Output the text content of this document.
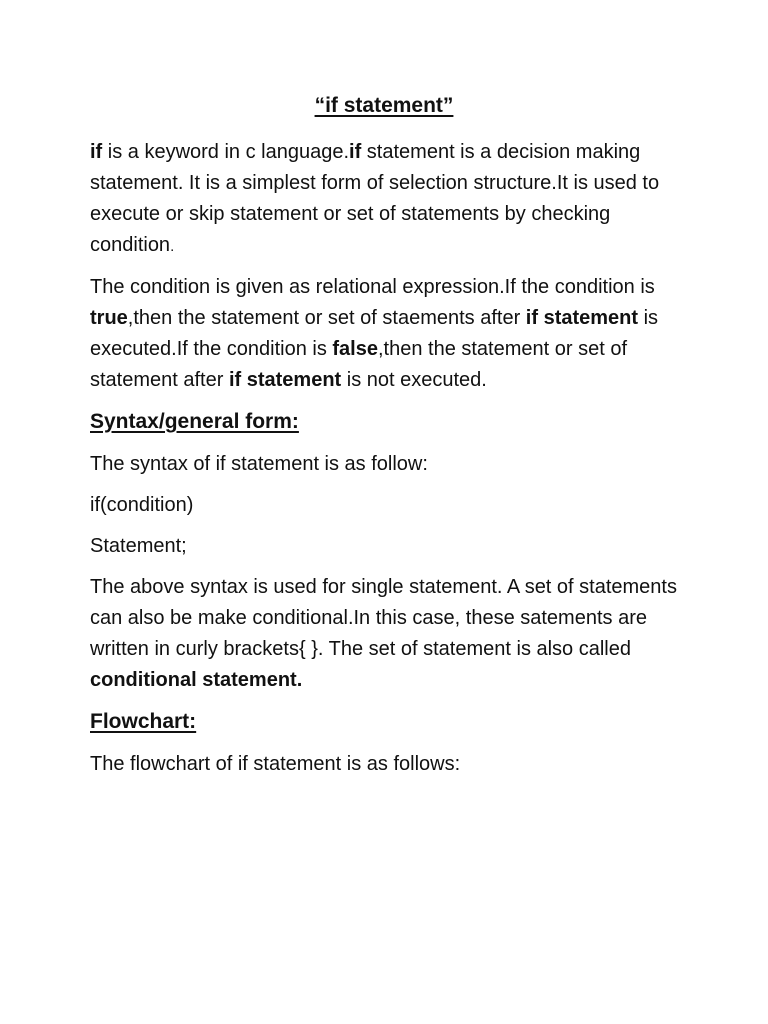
“if statement”

if is a keyword in c language.if statement is a decision making statement. It is a simplest form of selection structure.It is used to execute or skip statement or set of statements by checking condition.

The condition is given as relational expression.If the condition is true,then the statement or set of staements after if statement is executed.If the condition is false,then the statement or set of statement after if statement is not executed.

Syntax/general form:

The syntax of if statement is as follow:

if(condition)

Statement;

The above syntax is used for single statement. A set of statements can also be make conditional.In this case, these satements are written in curly brackets{ }. The set of statement is also called conditional statement.

Flowchart:

The flowchart of if statement is as follows:
